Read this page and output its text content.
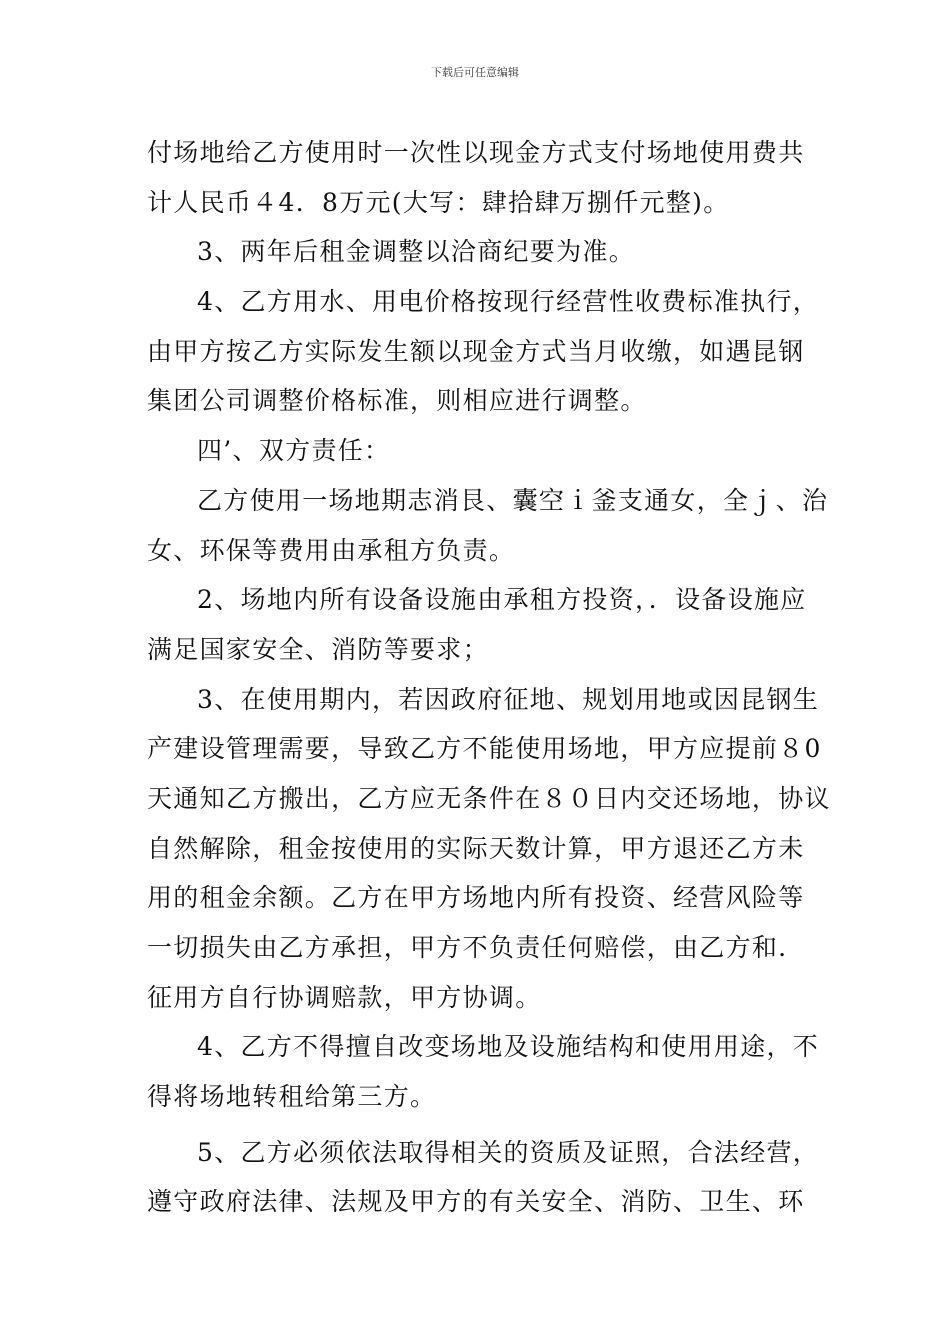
下载后可任意编辑
付场地给乙方使用时一次性以现金方式支付场地使用费共
计人民币４4．8万元(大写：肆拾肆万捌仟元整)。
3、两年后租金调整以洽商纪要为准。
4、乙方用水、用电价格按现行经营性收费标准执行，
由甲方按乙方实际发生额以现金方式当月收缴，如遇昆钢
集团公司调整价格标准，则相应进行调整。
四’、双方责任：
乙方使用一场地期志消艮、囊空ｉ釜支通女，全ｊ、治
女、环保等费用由承租方负责。
2、场地内所有设备设施由承租方投资，．设备设施应
满足国家安全、消防等要求；
3、在使用期内，若因政府征地、规划用地或因昆钢生
产建设管理需要，导致乙方不能使用场地，甲方应提前８0
天通知乙方搬出，乙方应无条件在８０日内交还场地，协议
自然解除，租金按使用的实际天数计算，甲方退还乙方未
用的租金余额。乙方在甲方场地内所有投资、经营风险等
一切损失由乙方承担，甲方不负责任何赔偿，由乙方和．
征用方自行协调赔款，甲方协调。
4、乙方不得擅自改变场地及设施结构和使用用途，不
得将场地转租给第三方。
5、乙方必须依法取得相关的资质及证照，合法经营，
遵守政府法律、法规及甲方的有关安全、消防、卫生、环
